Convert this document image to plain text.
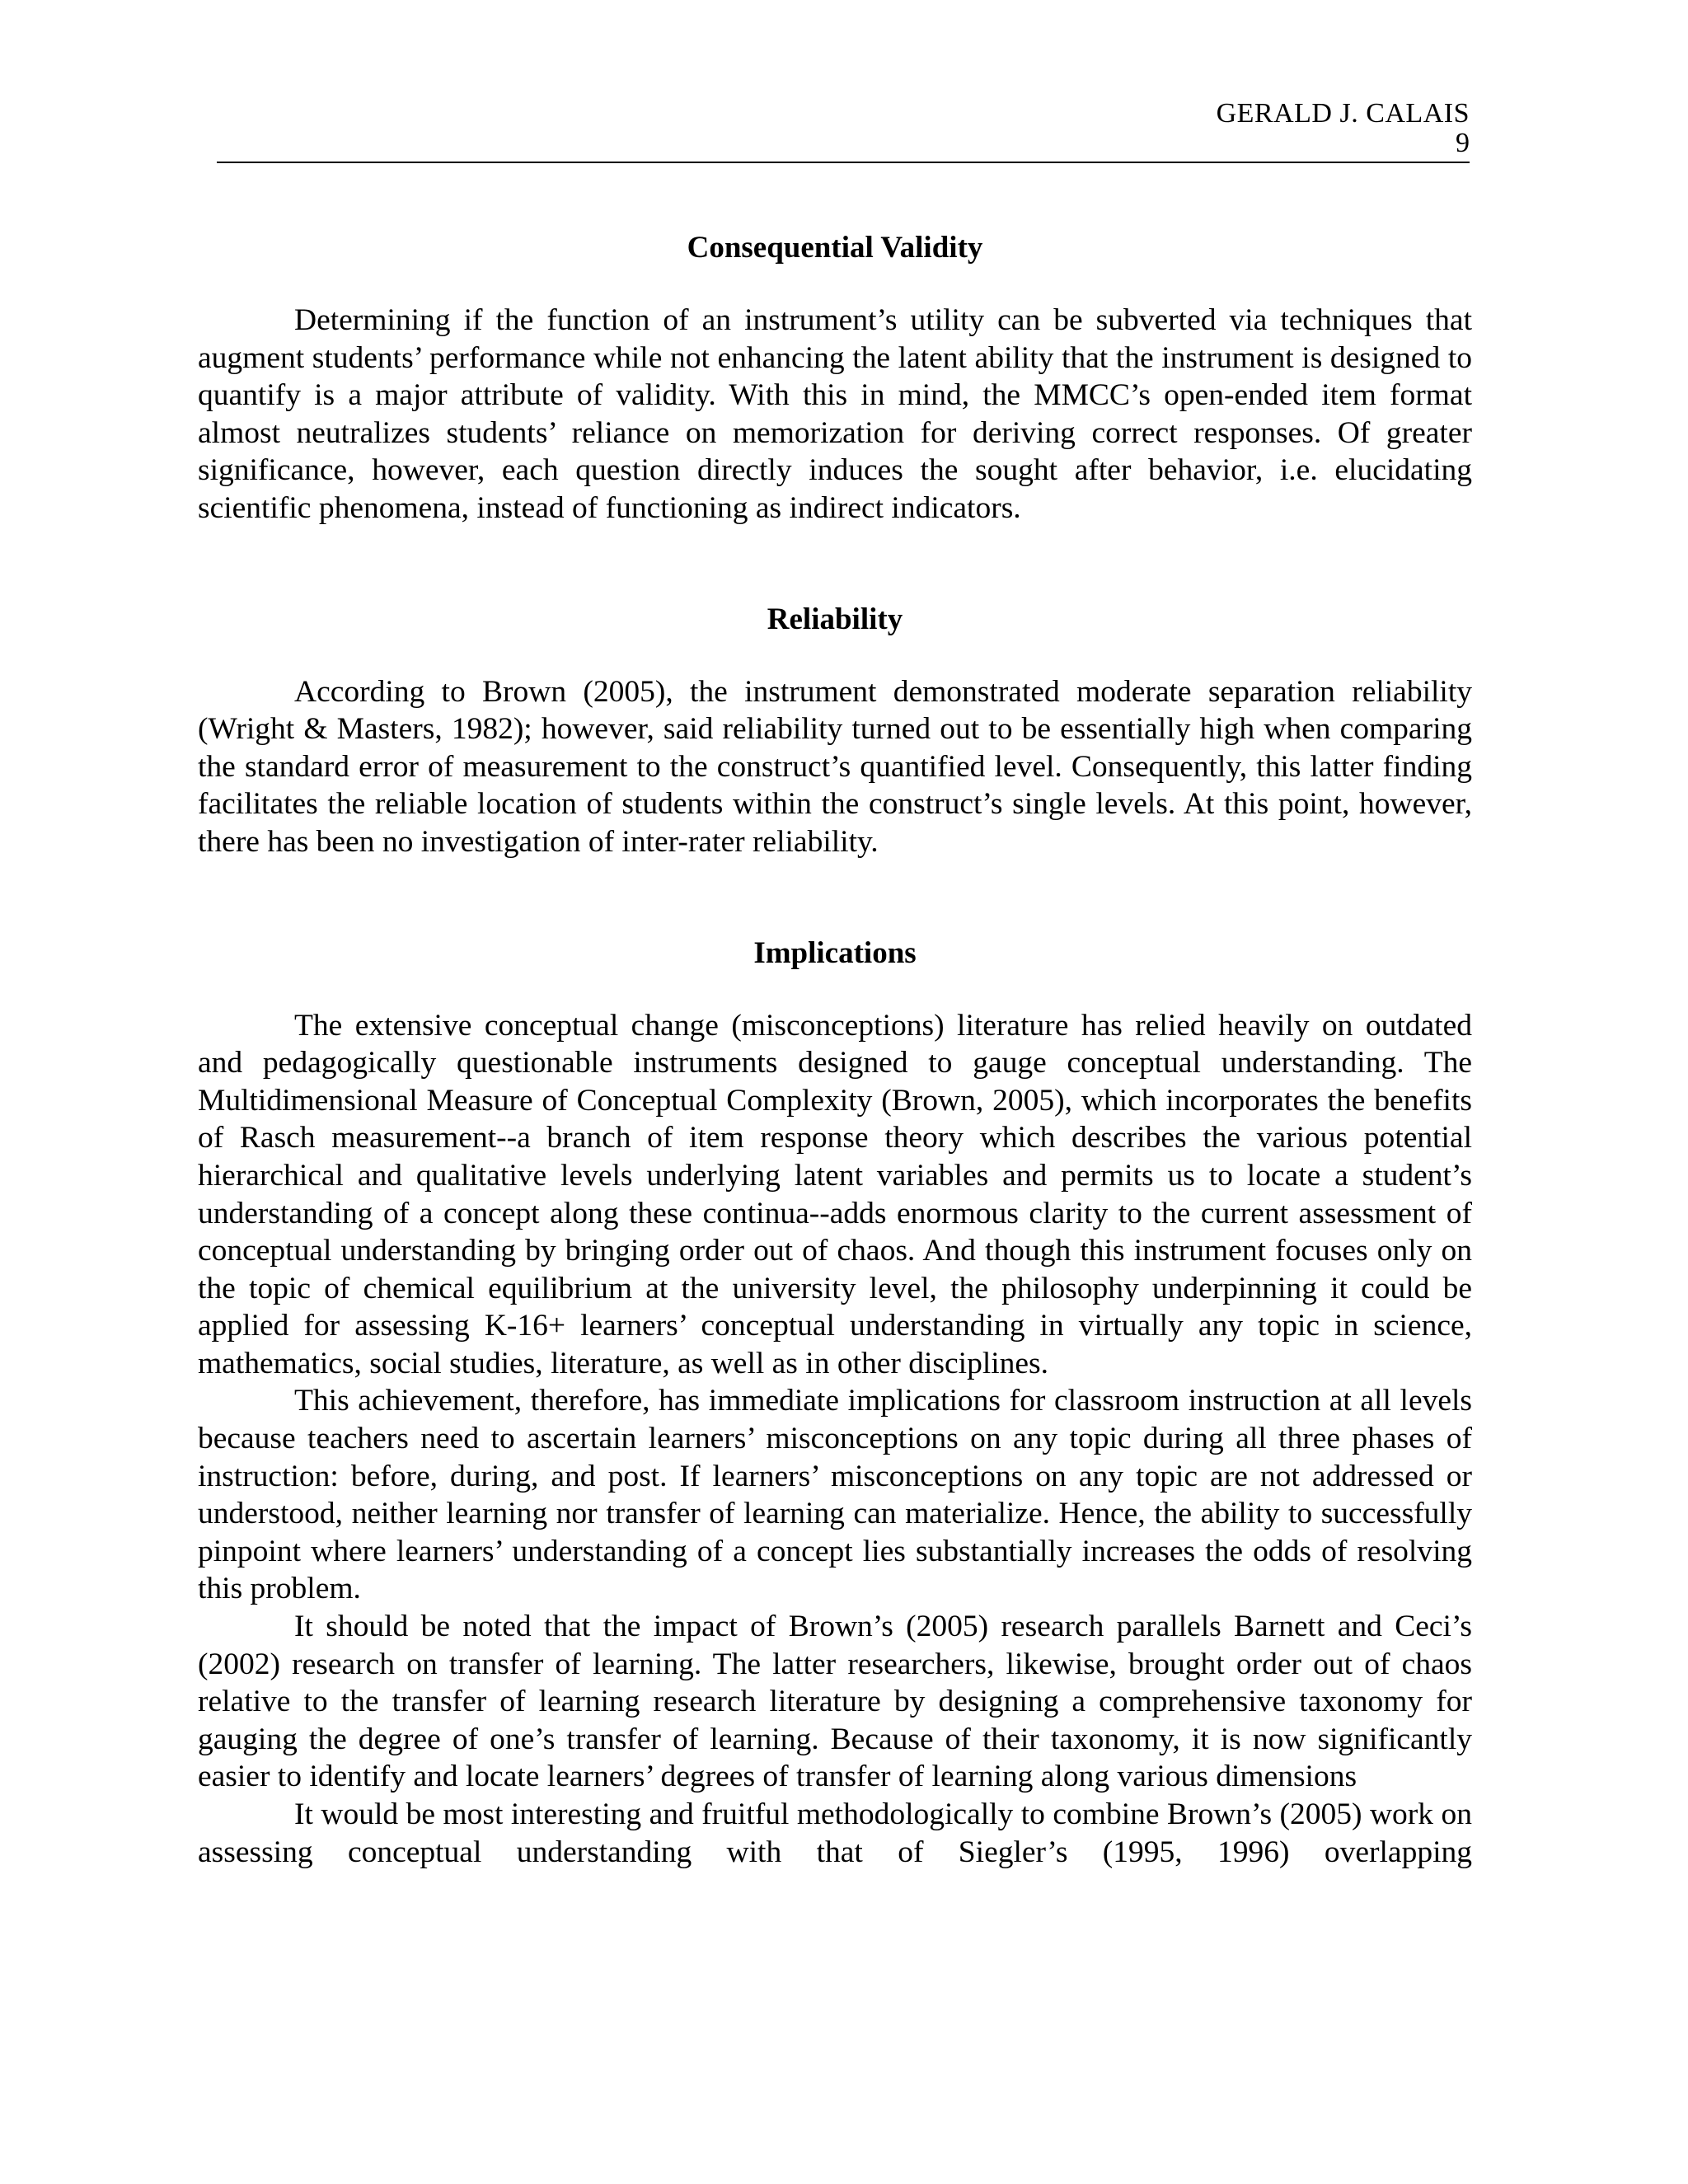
GERALD J. CALAIS
9
Consequential Validity

Determining if the function of an instrument’s utility can be subverted via techniques that augment students’ performance while not enhancing the latent ability that the instrument is designed to quantify is a major attribute of validity. With this in mind, the MMCC’s open-ended item format almost neutralizes students’ reliance on memorization for deriving correct responses. Of greater significance, however, each question directly induces the sought after behavior, i.e. elucidating scientific phenomena, instead of functioning as indirect indicators.

Reliability

According to Brown (2005), the instrument demonstrated moderate separation reliability (Wright & Masters, 1982); however, said reliability turned out to be essentially high when comparing the standard error of measurement to the construct’s quantified level. Consequently, this latter finding facilitates the reliable location of students within the construct’s single levels. At this point, however, there has been no investigation of inter-rater reliability.

Implications

The extensive conceptual change (misconceptions) literature has relied heavily on outdated and pedagogically questionable instruments designed to gauge conceptual understanding. The Multidimensional Measure of Conceptual Complexity (Brown, 2005), which incorporates the benefits of Rasch measurement--a branch of item response theory which describes the various potential hierarchical and qualitative levels underlying latent variables and permits us to locate a student’s understanding of a concept along these continua--adds enormous clarity to the current assessment of conceptual understanding by bringing order out of chaos. And though this instrument focuses only on the topic of chemical equilibrium at the university level, the philosophy underpinning it could be applied for assessing K-16+ learners’ conceptual understanding in virtually any topic in science, mathematics, social studies, literature, as well as in other disciplines.

This achievement, therefore, has immediate implications for classroom instruction at all levels because teachers need to ascertain learners’ misconceptions on any topic during all three phases of instruction: before, during, and post. If learners’ misconceptions on any topic are not addressed or understood, neither learning nor transfer of learning can materialize. Hence, the ability to successfully pinpoint where learners’ understanding of a concept lies substantially increases the odds of resolving this problem.

It should be noted that the impact of Brown’s (2005) research parallels Barnett and Ceci’s (2002) research on transfer of learning. The latter researchers, likewise, brought order out of chaos relative to the transfer of learning research literature by designing a comprehensive taxonomy for gauging the degree of one’s transfer of learning. Because of their taxonomy, it is now significantly easier to identify and locate learners’ degrees of transfer of learning along various dimensions

It would be most interesting and fruitful methodologically to combine Brown’s (2005) work on assessing conceptual understanding with that of Siegler’s (1995, 1996) overlapping
